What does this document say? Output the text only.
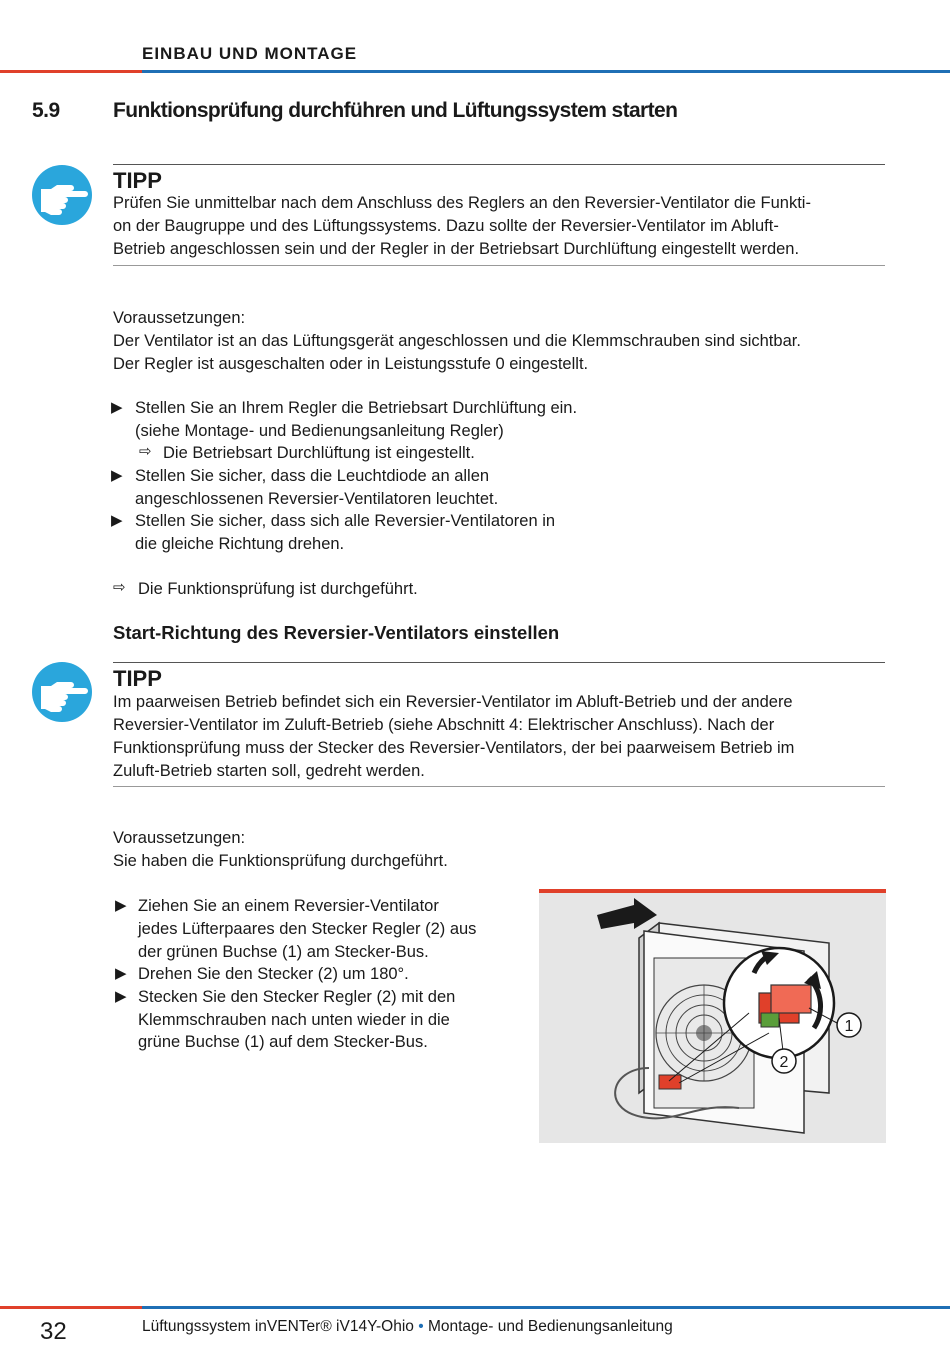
EINBAU UND MONTAGE
5.9	Funktionsprüfung durchführen und Lüftungssystem starten
TIPP
Prüfen Sie unmittelbar nach dem Anschluss des Reglers an den Reversier-Ventilator die Funkti-
on der Baugruppe und des Lüftungssystems. Dazu sollte der Reversier-Ventilator im Abluft-
Betrieb angeschlossen sein und der Regler in der Betriebsart Durchlüftung eingestellt werden.
Voraussetzungen:
Der Ventilator ist an das Lüftungsgerät angeschlossen und die Klemmschrauben sind sichtbar.
Der Regler ist ausgeschalten oder in Leistungsstufe 0 eingestellt.
▶ Stellen Sie an Ihrem Regler die Betriebsart Durchlüftung ein.
(siehe Montage- und Bedienungsanleitung Regler)
⇨ Die Betriebsart Durchlüftung ist eingestellt.
▶ Stellen Sie sicher, dass die Leuchtdiode an allen
angeschlossenen Reversier-Ventilatoren leuchtet.
▶ Stellen Sie sicher, dass sich alle Reversier-Ventilatoren in
die gleiche Richtung drehen.
⇨ Die Funktionsprüfung ist durchgeführt.
Start-Richtung des Reversier-Ventilators einstellen
TIPP
Im paarweisen Betrieb befindet sich ein Reversier-Ventilator im Abluft-Betrieb und der andere
Reversier-Ventilator im Zuluft-Betrieb (siehe Abschnitt 4: Elektrischer Anschluss). Nach der
Funktionsprüfung muss der Stecker des Reversier-Ventilators, der bei paarweisem Betrieb im
Zuluft-Betrieb starten soll, gedreht werden.
Voraussetzungen:
Sie haben die Funktionsprüfung durchgeführt.
▶ Ziehen Sie an einem Reversier-Ventilator
jedes Lüfterpaares den Stecker Regler (2) aus
der grünen Buchse (1) am Stecker-Bus.
▶ Drehen Sie den Stecker (2) um 180°.
▶ Stecken Sie den Stecker Regler (2) mit den
Klemmschrauben nach unten wieder in die
grüne Buchse (1) auf dem Stecker-Bus.
1
2
32	Lüftungssystem inVENTer® iV14Y-Ohio • Montage- und Bedienungsanleitung
